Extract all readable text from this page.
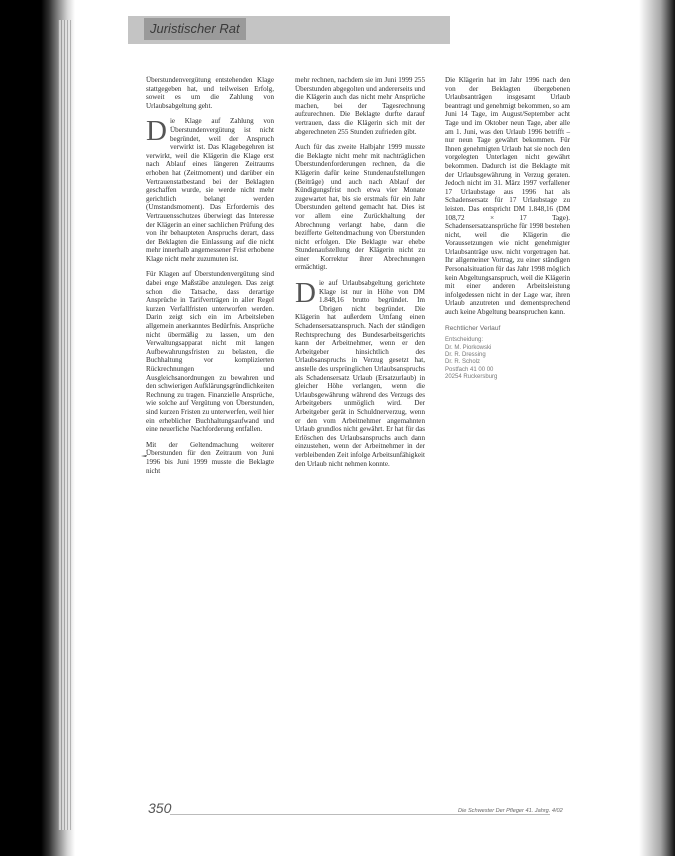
Juristischer Rat

Überstundenvergütung entstehenden Klage stattgegeben hat, und teilweisen Erfolg, soweit es um die Zahlung von Urlaubsabgeltung geht.

Die Klage auf Zahlung von Überstundenvergütung ist nicht begründet, weil der Anspruch verwirkt ist. Das Klagebegehren ist verwirkt, weil die Klägerin die Klage erst nach Ablauf eines längeren Zeitraums erhoben hat (Zeitmoment) und darüber ein Vertrauenstatbestand bei der Beklagten geschaffen wurde, sie werde nicht mehr gerichtlich belangt werden (Umstandsmoment). Das Erfordernis des Vertrauensschutzes überwiegt das Interesse der Klägerin an einer sachlichen Prüfung des von ihr behaupteten Anspruchs derart, dass der Beklagten die Einlassung auf die nicht mehr innerhalb angemessener Frist erhobene Klage nicht mehr zuzumuten ist.

Für Klagen auf Überstundenvergütung sind dabei enge Maßstäbe anzulegen. Das zeigt schon die Tatsache, dass derartige Ansprüche in Tarifverträgen in aller Regel kurzen Verfallfristen unterworfen werden. Darin zeigt sich ein im Arbeitsleben allgemein anerkanntes Bedürfnis. Ansprüche nicht übermäßig zu lassen, um den Verwaltungsapparat nicht mit langen Aufbewahrungsfristen zu belasten, die Buchhaltung vor komplizierten Rückrechnungen und Ausgleichsanordnungen zu bewahren und den schwierigen Aufklärungsgründlichkeiten Rechnung zu tragen. Finanzielle Ansprüche, wie solche auf Vergütung von Überstunden, sind kurzen Fristen zu unterwerfen, weil hier ein erheblicher Buchhaltungsaufwand und eine neuerliche Nachforderung entfallen.

Mit der Geltendmachung weiterer Überstunden für den Zeitraum von Juni 1996 bis Juni 1999 musste die Beklagte nicht

mehr rechnen, nachdem sie im Juni 1999 255 Überstunden abgegolten und andererseits und die Klägerin auch das nicht mehr Ansprüche machen, bei der Tagesrechnung aufzurechnen. Die Beklagte durfte darauf vertrauen, dass die Klägerin sich mit der abgerechneten 255 Stunden zufrieden gibt.

Auch für das zweite Halbjahr 1999 musste die Beklagte nicht mehr mit nachträglichen Überstundenforderungen rechnen, da die Klägerin dafür keine Stundenaufstellungen (Beiträge) und auch nach Ablauf der Kündigungsfrist noch etwa vier Monate zugewartet hat, bis sie erstmals für ein Jahr Überstunden geltend gemacht hat. Dies ist vor allem eine Zurückhaltung der Abrechnung verlangt habe, dann die bezifferte Geltendmachung von Überstunden nicht erfolgen. Die Beklagte war ehebe Stundenaufstellung der Klägerin nicht zu einer Korrektur ihrer Abrechnungen ermächtigt.

Die auf Urlaubsabgeltung gerichtete Klage ist nur in Höhe von DM 1.848,16 brutto begründet. Im Übrigen nicht begründet. Die Klägerin hat außerdem Umfang einen Schadensersatzanspruch. Nach der ständigen Rechtsprechung des Bundesarbeitsgerichts kann der Arbeitnehmer, wenn er den Arbeitgeber hinsichtlich des Urlaubsanspruchs in Verzug gesetzt hat, anstelle des ursprünglichen Urlaubsanspruchs als Schadensersatz Urlaub (Ersatzurlaub) in gleicher Höhe verlangen, wenn die Urlaubsgewährung während des Verzugs des Arbeitgebers unmöglich wird. Der Arbeitgeber gerät in Schuldnerverzug, wenn er den vom Arbeitnehmer angemahnten Urlaub grundlos nicht gewährt. Er hat für das Erlöschen des Urlaubsanspruchs auch dann einzustehen, wenn der Arbeitnehmer in der verbleibenden Zeit infolge Arbeitsunfähigkeit den Urlaub nicht nehmen konnte.

Die Klägerin hat im Jahr 1996 nach den von der Beklagten übergebenen Urlaubsanträgen insgesamt Urlaub beantragt und genehmigt bekommen, so am Juni 14 Tage, im August/September acht Tage und im Oktober neun Tage, aber alle am 1. Juni, was den Urlaub 1996 betrifft – nur neun Tage gewährt bekommen. Für Ihnen genehmigten Urlaub hat sie noch den vorgelegten Unterlagen nicht gewährt bekommen. Dadurch ist die Beklagte mit der Urlaubsgewährung in Verzug geraten. Jedoch nicht im 31. März 1997 verfallener 17 Urlaubstage aus 1996 hat als Schadensersatz für 17 Urlaubstage zu leisten. Das entspricht DM 1.848,16 (DM 108,72 × 17 Tage). Schadensersatzansprüche für 1998 bestehen nicht, weil die Klägerin die Voraussetzungen wie nicht genehmigter Urlaubsanträge usw. nicht vorgetragen hat. Ihr allgemeiner Vortrag, zu einer ständigen Personalsituation für das Jahr 1998 möglich kein Abgeltungsanspruch, weil die Klägerin mit einer anderen Arbeitsleistung infolgedessen nicht in der Lage war, ihren Urlaub anzutreten und dementsprechend auch keine Abgeltung beanspruchen kann.

Rechtlicher Verlauf
Entscheidung:
Dr. M. Piorkowski
Dr. R. Dressing
Dr. R. Scholz
Postfach 41 00 00
20254 Ruckersburg
350	Die Schwester Der Pfleger 41. Jahrg. 4/02
